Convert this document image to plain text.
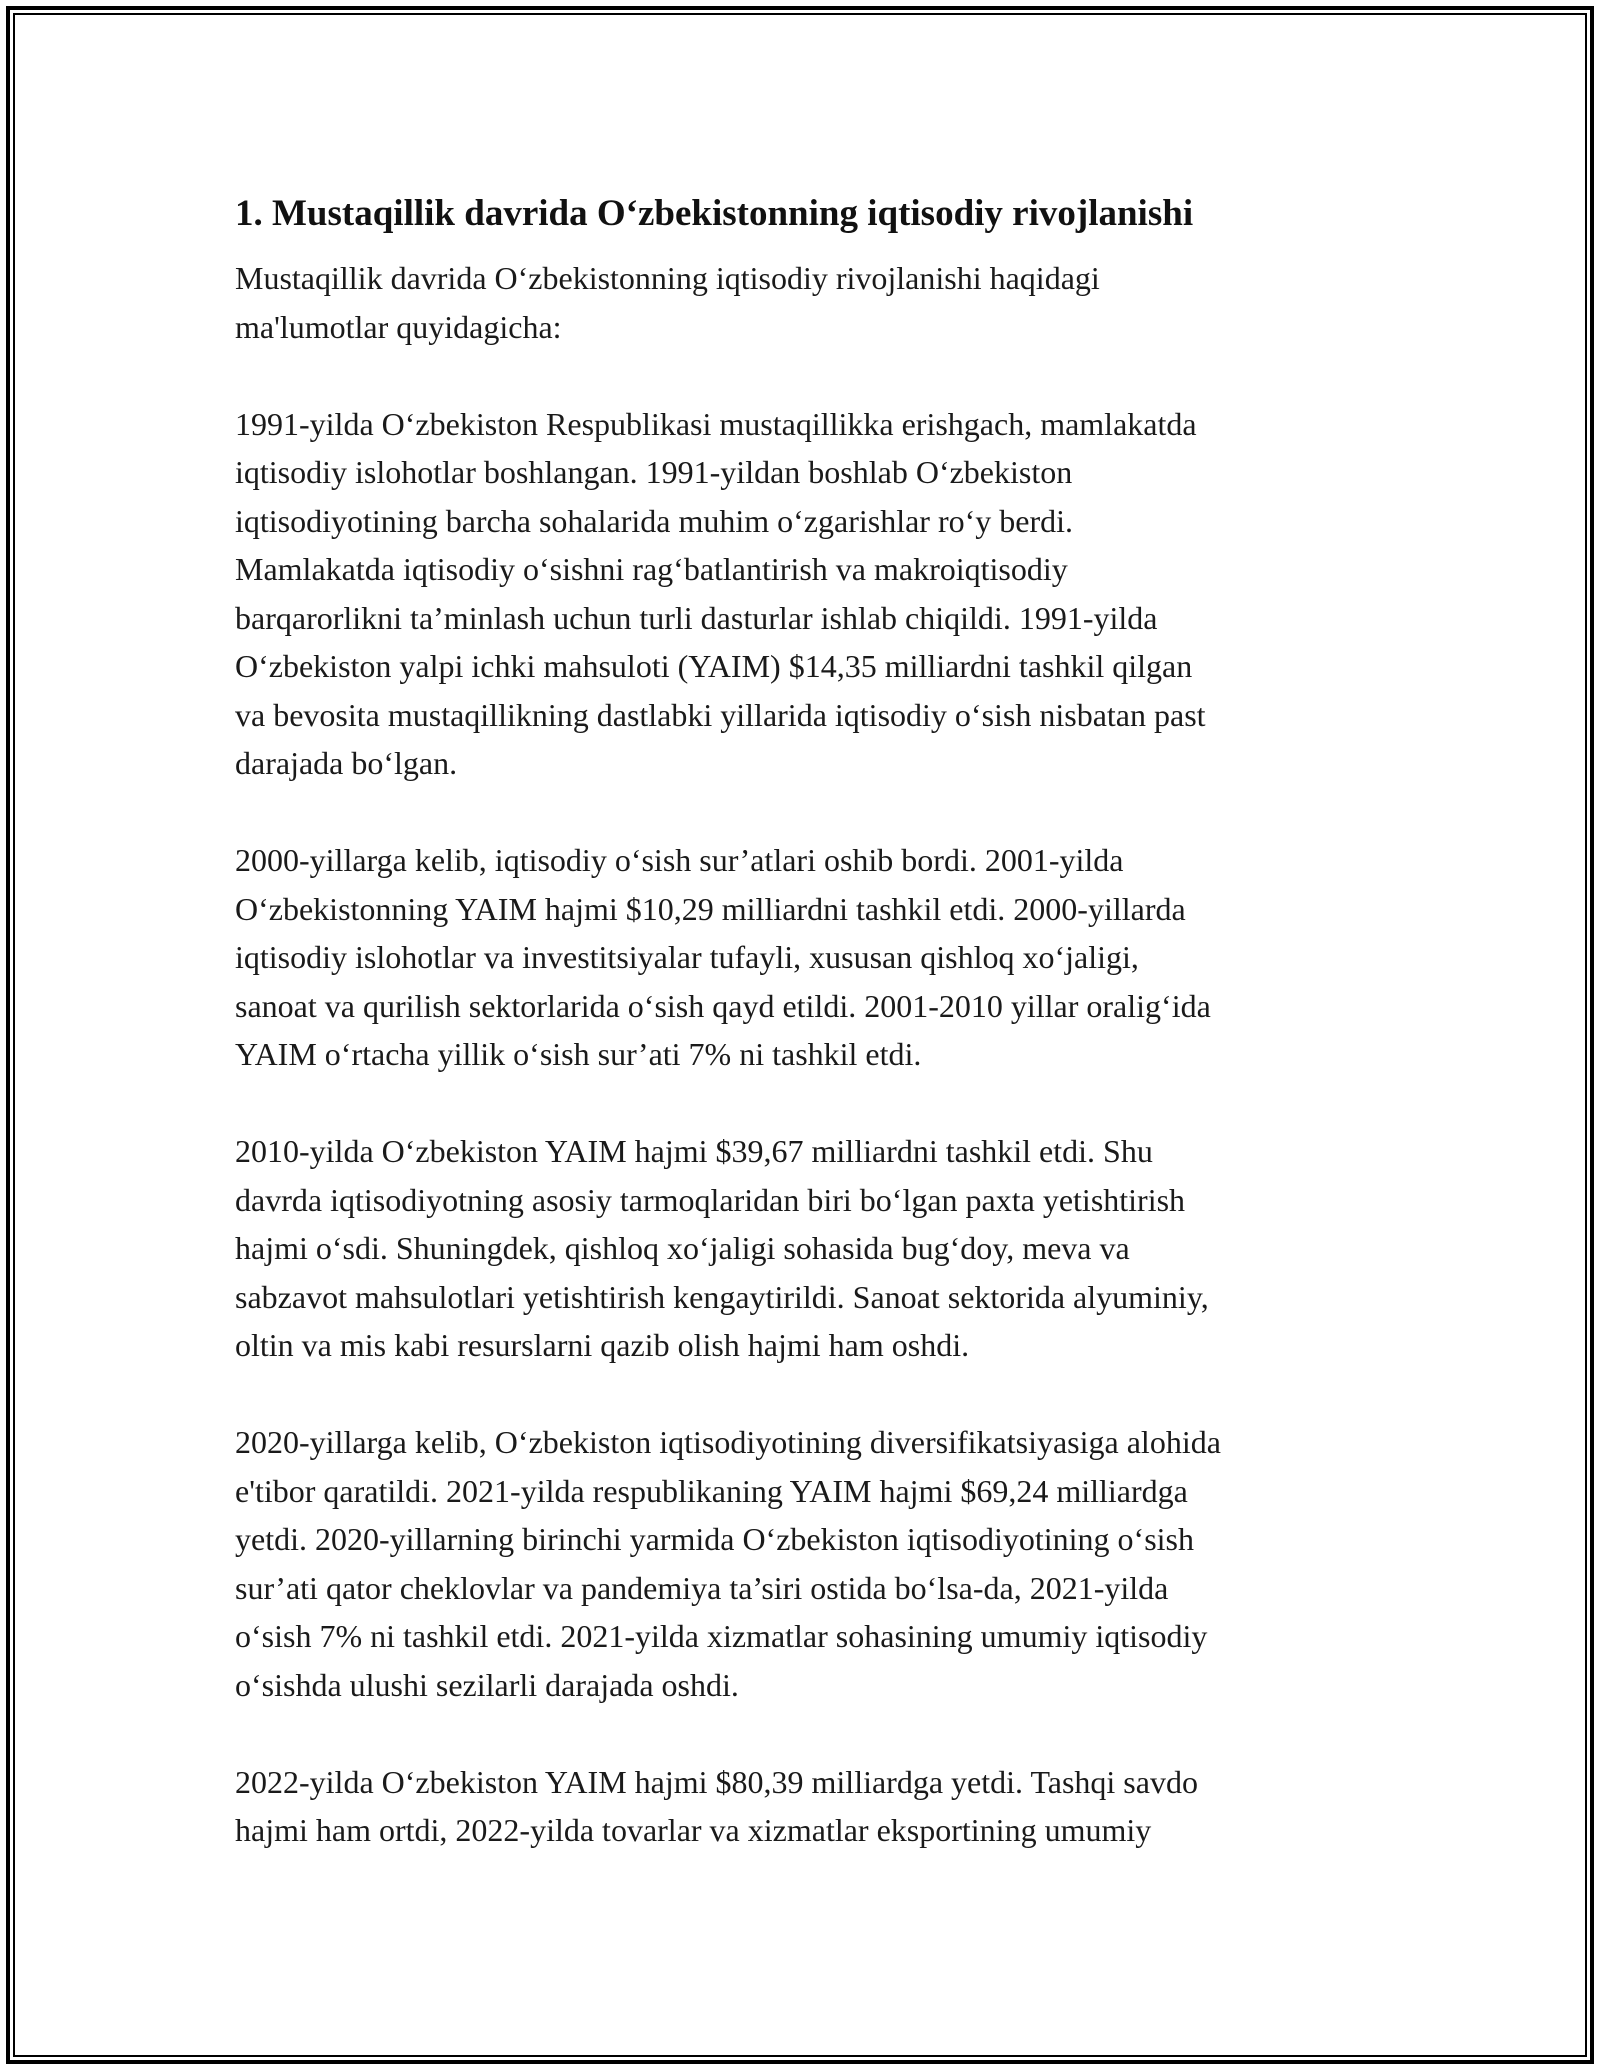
1. Mustaqillik davrida O‘zbekistonning iqtisodiy rivojlanishi

Mustaqillik davrida O‘zbekistonning iqtisodiy rivojlanishi haqidagi
ma'lumotlar quyidagicha:

1991-yilda O‘zbekiston Respublikasi mustaqillikka erishgach, mamlakatda
iqtisodiy islohotlar boshlangan. 1991-yildan boshlab O‘zbekiston
iqtisodiyotining barcha sohalarida muhim o‘zgarishlar ro‘y berdi.
Mamlakatda iqtisodiy o‘sishni rag‘batlantirish va makroiqtisodiy
barqarorlikni ta’minlash uchun turli dasturlar ishlab chiqildi. 1991-yilda
O‘zbekiston yalpi ichki mahsuloti (YAIM) $14,35 milliardni tashkil qilgan
va bevosita mustaqillikning dastlabki yillarida iqtisodiy o‘sish nisbatan past
darajada bo‘lgan.

2000-yillarga kelib, iqtisodiy o‘sish sur’atlari oshib bordi. 2001-yilda
O‘zbekistonning YAIM hajmi $10,29 milliardni tashkil etdi. 2000-yillarda
iqtisodiy islohotlar va investitsiyalar tufayli, xususan qishloq xo‘jaligi,
sanoat va qurilish sektorlarida o‘sish qayd etildi. 2001-2010 yillar oralig‘ida
YAIM o‘rtacha yillik o‘sish sur’ati 7% ni tashkil etdi.

2010-yilda O‘zbekiston YAIM hajmi $39,67 milliardni tashkil etdi. Shu
davrda iqtisodiyotning asosiy tarmoqlaridan biri bo‘lgan paxta yetishtirish
hajmi o‘sdi. Shuningdek, qishloq xo‘jaligi sohasida bug‘doy, meva va
sabzavot mahsulotlari yetishtirish kengaytirildi. Sanoat sektorida alyuminiy,
oltin va mis kabi resurslarni qazib olish hajmi ham oshdi.

2020-yillarga kelib, O‘zbekiston iqtisodiyotining diversifikatsiyasiga alohida
e'tibor qaratildi. 2021-yilda respublikaning YAIM hajmi $69,24 milliardga
yetdi. 2020-yillarning birinchi yarmida O‘zbekiston iqtisodiyotining o‘sish
sur’ati qator cheklovlar va pandemiya ta’siri ostida bo‘lsa-da, 2021-yilda
o‘sish 7% ni tashkil etdi. 2021-yilda xizmatlar sohasining umumiy iqtisodiy
o‘sishda ulushi sezilarli darajada oshdi.

2022-yilda O‘zbekiston YAIM hajmi $80,39 milliardga yetdi. Tashqi savdo
hajmi ham ortdi, 2022-yilda tovarlar va xizmatlar eksportining umumiy
